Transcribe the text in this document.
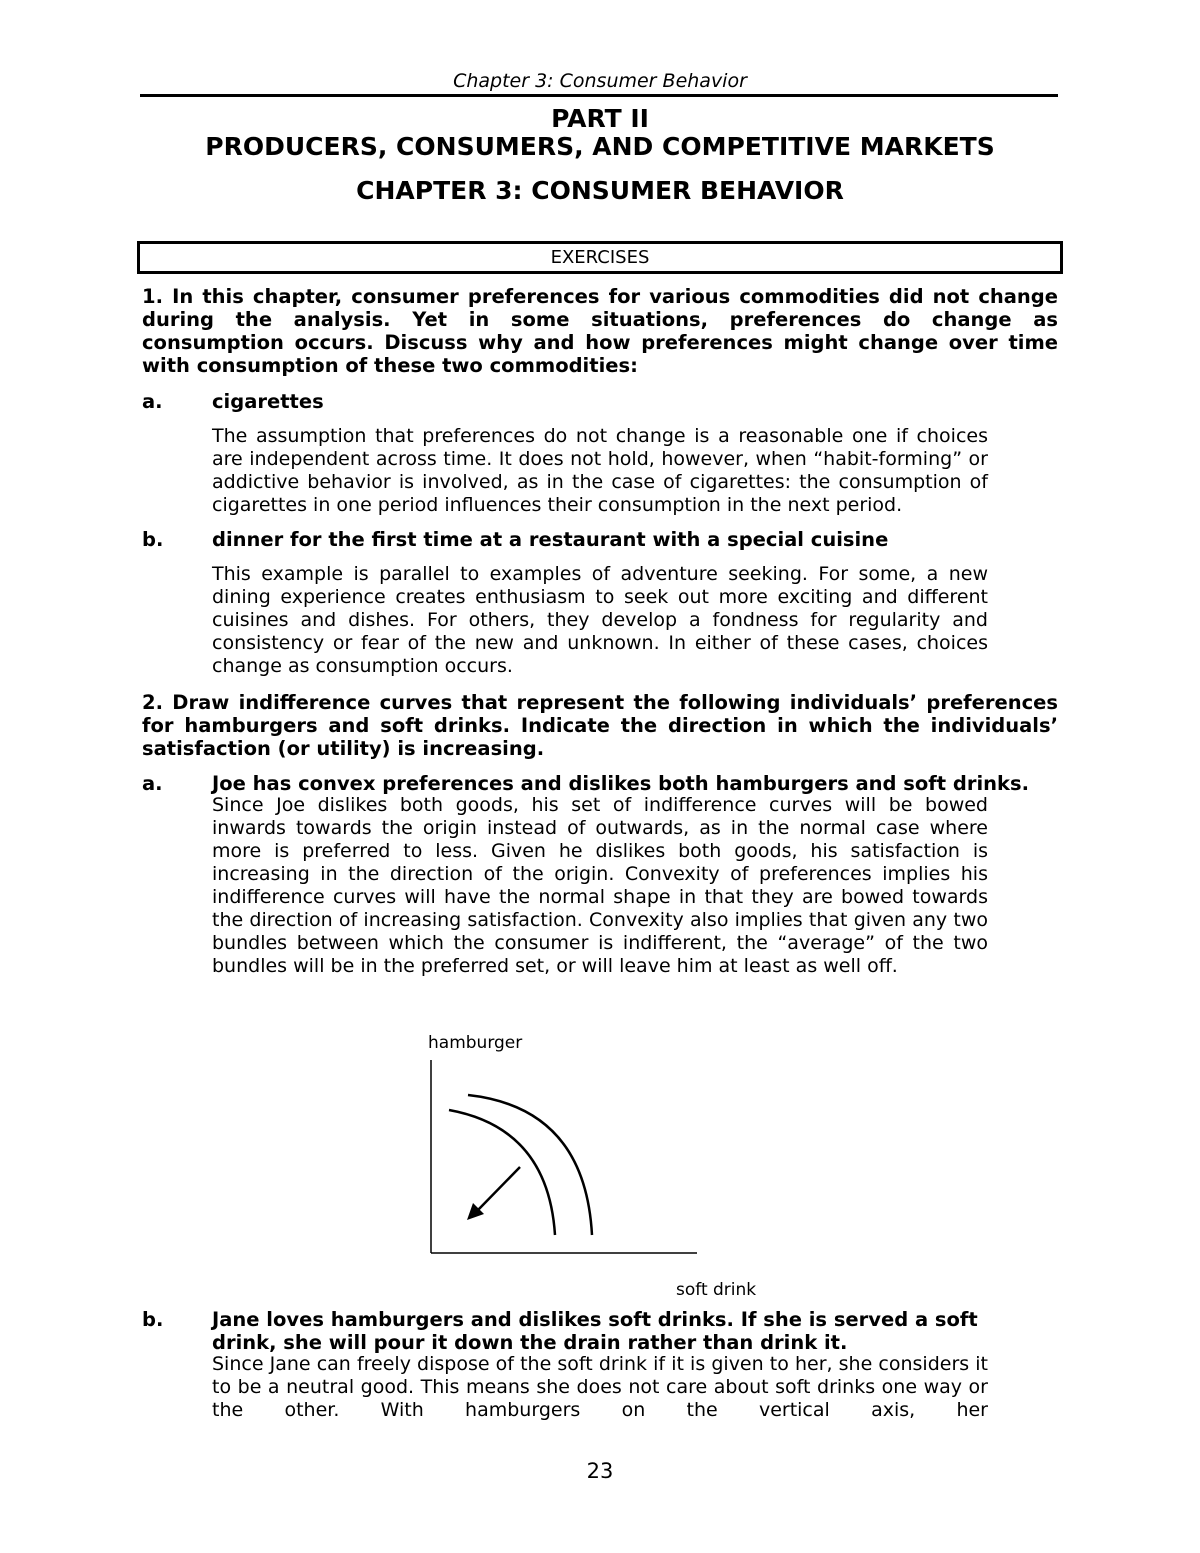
Chapter 3: Consumer Behavior
PART II
PRODUCERS, CONSUMERS, AND COMPETITIVE MARKETS
CHAPTER 3: CONSUMER BEHAVIOR
EXERCISES
1. In this chapter, consumer preferences for various commodities did not change
during the analysis. Yet in some situations, preferences do change as
consumption occurs. Discuss why and how preferences might change over time
with consumption of these two commodities:
a.	cigarettes
The assumption that preferences do not change is a reasonable one if choices are independent across time. It does not hold, however, when “habit-forming” or addictive behavior is involved, as in the case of cigarettes: the consumption of cigarettes in one period influences their consumption in the next period.
b. dinner for the first time at a restaurant with a special cuisine
This example is parallel to examples of adventure seeking. For some, a new dining experience creates enthusiasm to seek out more exciting and different cuisines and dishes. For others, they develop a fondness for regularity and consistency or fear of the new and unknown. In either of these cases, choices change as consumption occurs.
2. Draw indifference curves that represent the following individuals’ preferences
for hamburgers and soft drinks. Indicate the direction in which the individuals’
satisfaction (or utility) is increasing.
a.	Joe has convex preferences and dislikes both hamburgers and soft drinks.
Since Joe dislikes both goods, his set of indifference curves will be bowed inwards towards the origin instead of outwards, as in the normal case where more is preferred to less. Given he dislikes both goods, his satisfaction is increasing in the direction of the origin. Convexity of preferences implies his indifference curves will have the normal shape in that they are bowed towards the direction of increasing satisfaction. Convexity also implies that given any two bundles between which the consumer is indifferent, the “average” of the two bundles will be in the preferred set, or will leave him at least as well off.
hamburger
soft drink
b. Jane loves hamburgers and dislikes soft drinks. If she is served a soft
drink, she will pour it down the drain rather than drink it.
Since Jane can freely dispose of the soft drink if it is given to her, she considers it to be a neutral good. This means she does not care about soft drinks one way or the other. With hamburgers on the vertical axis, her
23
